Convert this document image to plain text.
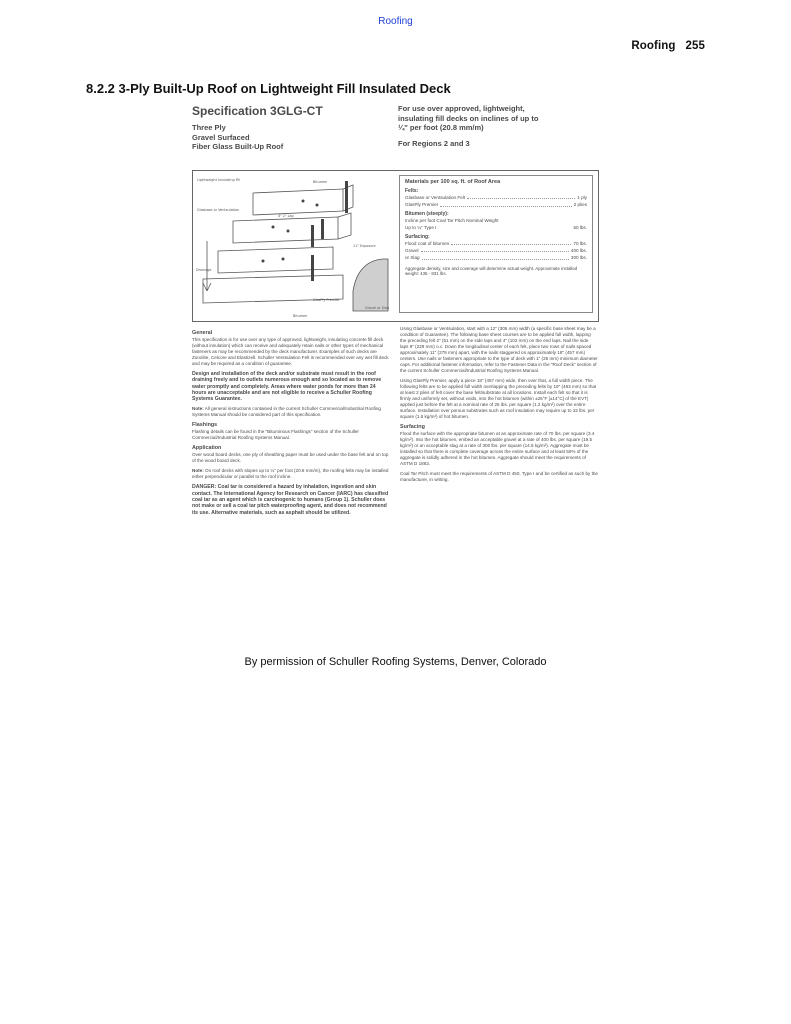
Roofing
Roofing 255
8.2.2 3-Ply Built-Up Roof on Lightweight Fill Insulated Deck
Specification 3GLG-CT
Three Ply
Gravel Surfaced
Fiber Glass Built-Up Roof
For use over approved, lightweight,
insulating fill decks on inclines of up to
¼" per foot (20.8 mm/m)
For Regions 2 and 3
Lightweight Insulating Fill	Bitumen
Glasbase or Ventsulation
4" 2" Lap
Drainage
11" Exposure
GlasPly Premier
Gravel or Slag
Bitumen
Materials per 100 sq. ft. of Roof Area
Felts:
Glasbase or Ventsulation Felt	1 ply
GlasPly Premier	2 plies
Bitumen (steeply):
Incline per foot Coal Tar Pitch Nominal Weight
Up to ¼" Type I	50 lbs.
Surfacing:
Flood coat of bitumen	70 lbs.
Gravel	400 lbs.
or Slag	300 lbs.
Aggregate density, size and coverage will determine actual weight. Approximate installed weight: 436 - 831 lbs.
General
This specification is for use over any type of approved, lightweight, insulating concrete fill deck (without insulation) which can receive and adequately retain nails or other types of mechanical fasteners as may be recommended by the deck manufacturer. Examples of such decks are Zonolite, Celcore and Elastizell. Schuller Ventsulation Felt is recommended over any wet fill deck and may be required as a condition of guarantee.
Design and installation of the deck and/or substrate must result in the roof draining freely and to outlets numerous enough and so located as to remove water promptly and completely. Areas where water ponds for more than 24 hours are unacceptable and are not eligible to receive a Schuller Roofing Systems Guarantee.
Note: All general instructions contained in the current Schuller Commercial/Industrial Roofing Systems Manual should be considered part of this specification.
Flashings
Flashing details can be found in the "Bituminous Flashings" section of the Schuller Commercial/Industrial Roofing Systems Manual.
Application
Over wood board decks, one ply of sheathing paper must be used under the base felt and on top of the wood board deck.
Note: On roof decks with slopes up to ¼" per foot (20.8 mm/m), the roofing felts may be installed either perpendicular or parallel to the roof incline.
DANGER: Coal tar is considered a hazard by inhalation, ingestion and skin contact. The International Agency for Research on Cancer (IARC) has classified coal tar as an agent which is carcinogenic to humans (Group 1). Schuller does not make or sell a coal tar pitch waterproofing agent, and does not recommend its use. Alternative materials, such as asphalt should be utilized.
Using Glasbase or Ventsulation, start with a 12" (305 mm) width (a specific base sheet may be a condition of Guarantee). The following base sheet courses are to be applied full width, lapping the preceding felt 2" (51 mm) on the side laps and 4" (102 mm) on the end laps. Nail the side laps 9" (229 mm) o.c. Down the longitudinal center of each felt, place two rows of nails spaced approximately 11" (279 mm) apart, with the nails staggered on approximately 18" (457 mm) centers. Use nails or fasteners appropriate to the type of deck with 1" (25 mm) minimum diameter caps. For additional fastener information, refer to the Fastener Data in the "Roof Deck" section of the current Schuller Commercial/Industrial Roofing Systems Manual.
Using GlasPly Premier, apply a piece 18" (457 mm) wide, then over that, a full width piece. The following felts are to be applied full width overlapping the preceding felts by 19" (483 mm) so that at least 2 plies of felt cover the base felt/substrate at all locations. Install each felt so that it is firmly and uniformly set, without voids, into the hot bitumen (within ±25°F [±14°C] of the EVT) applied just before the felt at a nominal rate of 25 lbs. per square (1.2 kg/m²) over the entire surface. Installation over porous substrates such as roof insulation may require up to 32 lbs. per square (1.6 kg/m²) of hot bitumen.
Surfacing
Flood the surface with the appropriate bitumen at an approximate rate of 70 lbs. per square (3.4 kg/m²). Into the hot bitumen, embed an acceptable gravel at a rate of 400 lbs. per square (19.5 kg/m²) or an acceptable slag at a rate of 300 lbs. per square (14.6 kg/m²). Aggregate must be installed so that there is complete coverage across the entire surface and at least 50% of the aggregate is solidly adhered in the hot bitumen. Aggregate should meet the requirements of ASTM D 1863.
Coal Tar Pitch must meet the requirements of ASTM D 450, Type I and be certified as such by the manufacturer, in writing.
By permission of Schuller Roofing Systems, Denver, Colorado
